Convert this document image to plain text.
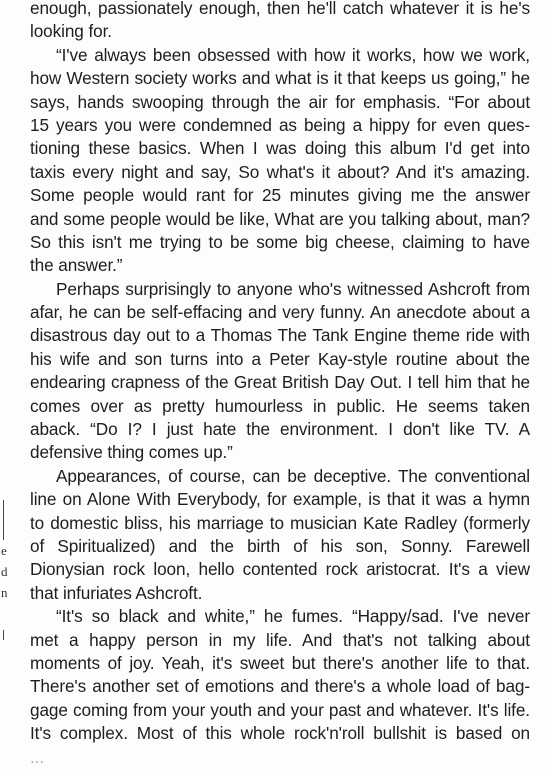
e
d
n
enough, passionately enough, then he'll catch whatever it is he's
looking for.
“I've always been obsessed with how it works, how we work,
how Western society works and what is it that keeps us going,” he
says, hands swooping through the air for emphasis. “For about
15 years you were condemned as being a hippy for even ques-
tioning these basics. When I was doing this album I'd get into
taxis every night and say, So what's it about? And it's amazing.
Some people would rant for 25 minutes giving me the answer
and some people would be like, What are you talking about, man?
So this isn't me trying to be some big cheese, claiming to have
the answer.”
Perhaps surprisingly to anyone who's witnessed Ashcroft from
afar, he can be self-effacing and very funny. An anecdote about a
disastrous day out to a Thomas The Tank Engine theme ride with
his wife and son turns into a Peter Kay-style routine about the
endearing crapness of the Great British Day Out. I tell him that he
comes over as pretty humourless in public. He seems taken
aback. “Do I? I just hate the environment. I don't like TV. A
defensive thing comes up.”
Appearances, of course, can be deceptive. The conventional
line on Alone With Everybody, for example, is that it was a hymn
to domestic bliss, his marriage to musician Kate Radley (formerly
of Spiritualized) and the birth of his son, Sonny. Farewell
Dionysian rock loon, hello contented rock aristocrat. It's a view
that infuriates Ashcroft.
“It's so black and white,” he fumes. “Happy/sad. I've never
met a happy person in my life. And that's not talking about
moments of joy. Yeah, it's sweet but there's another life to that.
There's another set of emotions and there's a whole load of bag-
gage coming from your youth and your past and whatever. It's life.
It's complex. Most of this whole rock'n'roll bullshit is based on
...
